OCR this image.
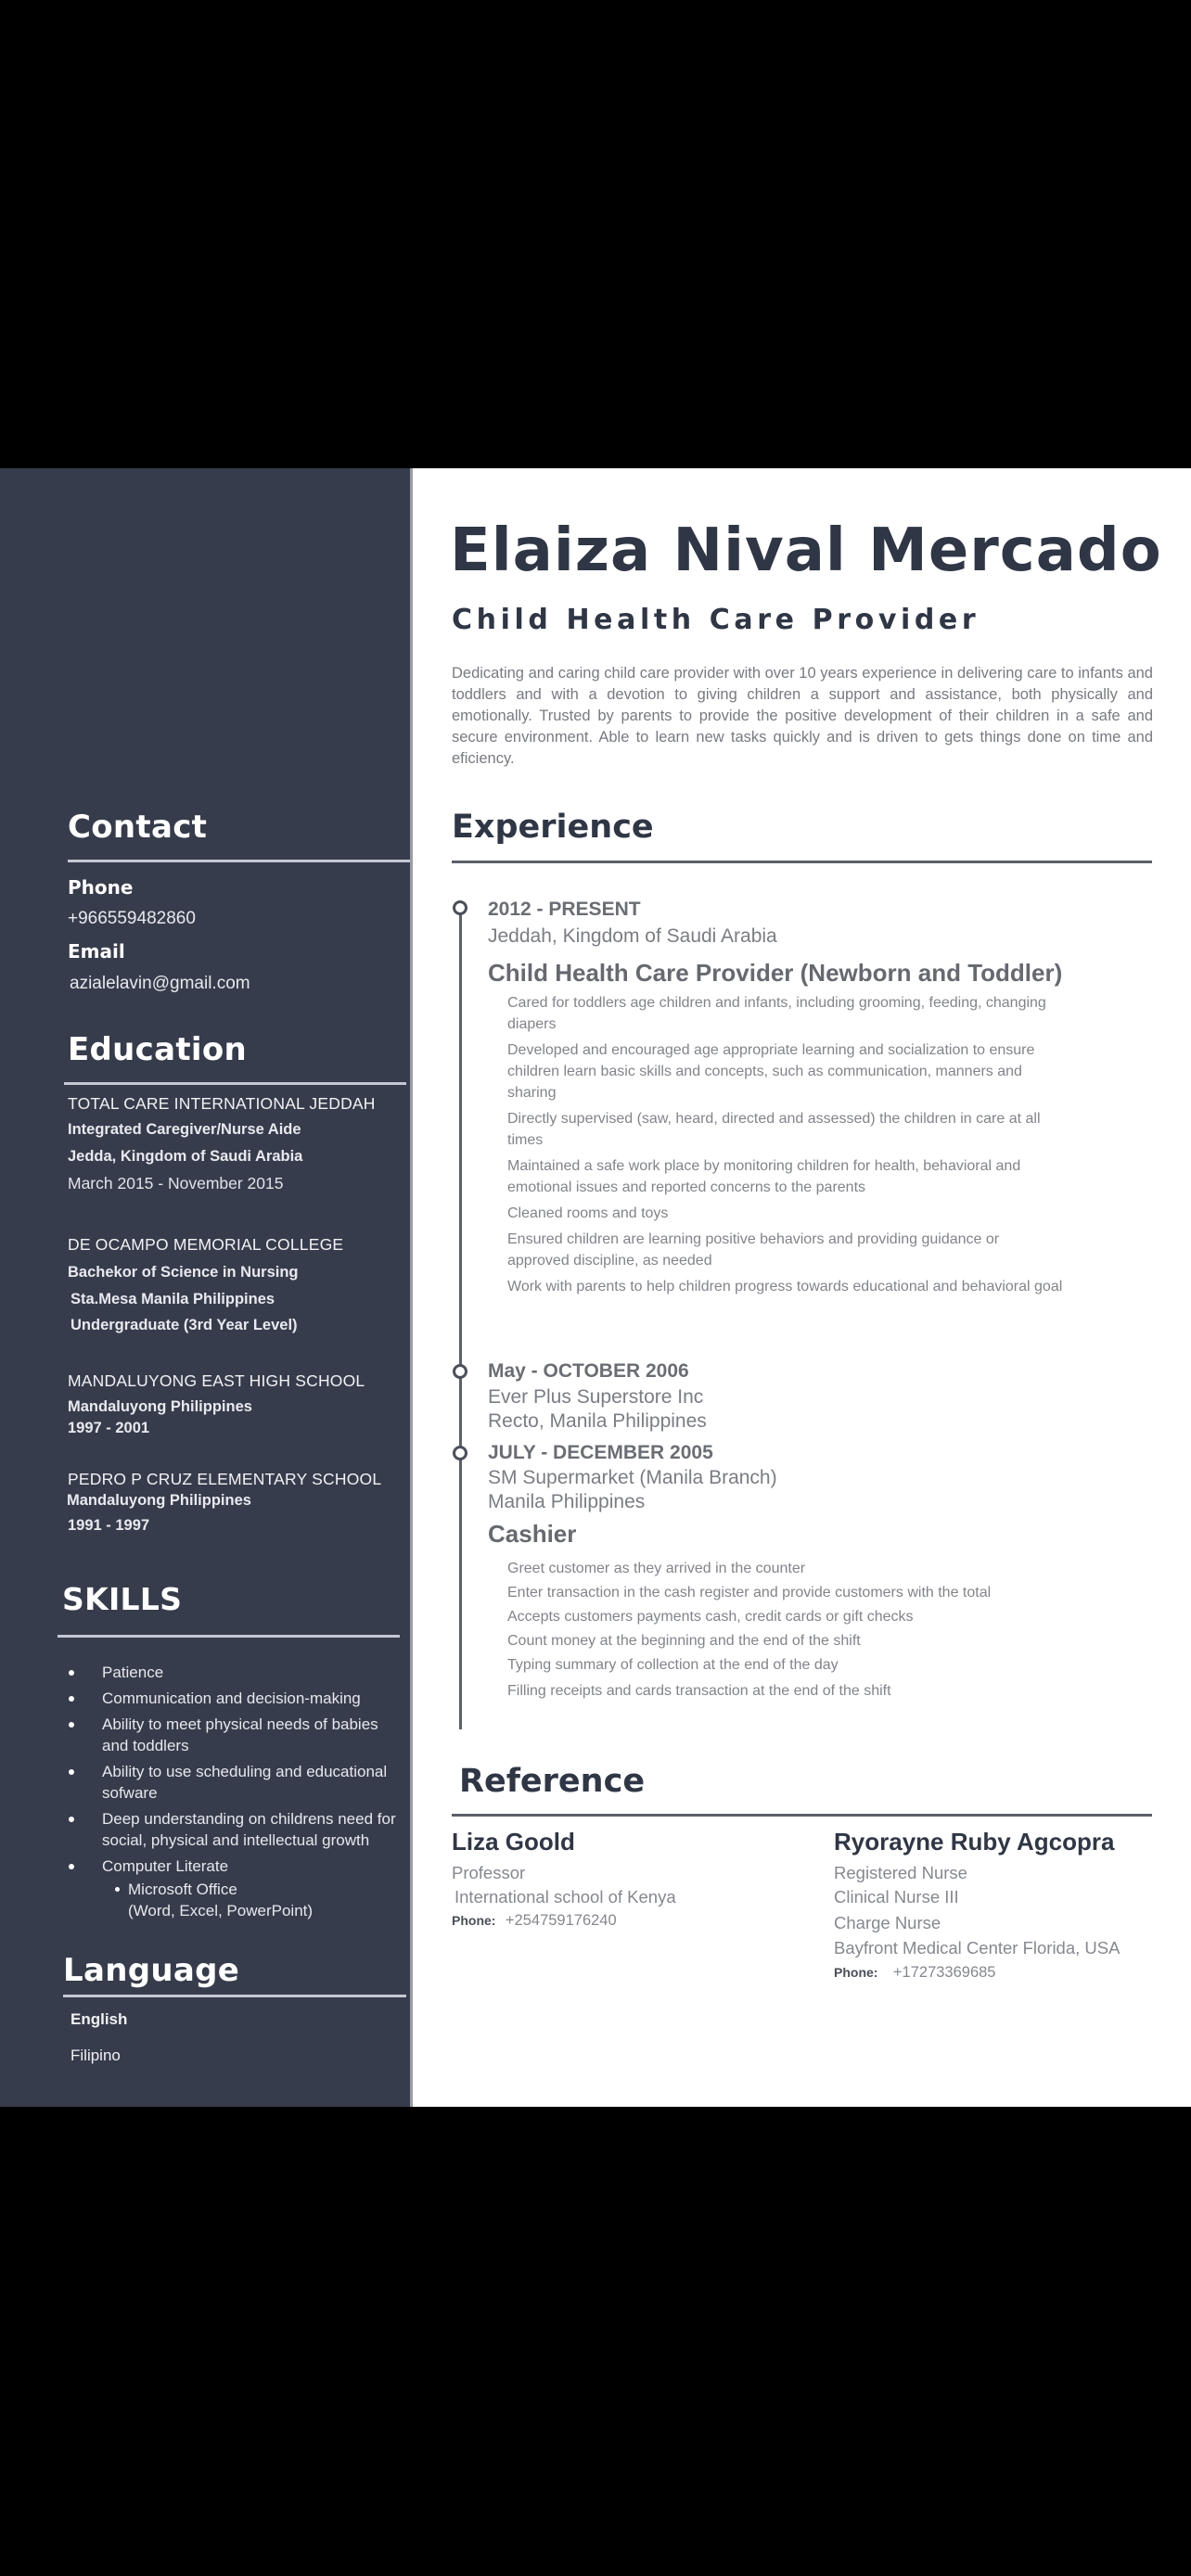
Contact
Phone
+966559482860
Email
azialelavin@gmail.com
Education
TOTAL CARE INTERNATIONAL JEDDAH
Integrated Caregiver/Nurse Aide
Jedda, Kingdom of Saudi Arabia
March 2015 - November 2015
DE OCAMPO MEMORIAL COLLEGE
Bachekor of Science in Nursing
Sta.Mesa Manila Philippines
Undergraduate (3rd Year Level)
MANDALUYONG EAST HIGH SCHOOL
Mandaluyong Philippines
1997 - 2001
PEDRO P CRUZ ELEMENTARY SCHOOL
Mandaluyong Philippines
1991 - 1997
SKILLS
Patience
Communication and decision-making
Ability to meet physical needs of babies and toddlers
Ability to use scheduling and educational sofware
Deep understanding on childrens need for social, physical and intellectual growth
Computer Literate
Microsoft Office
(Word, Excel, PowerPoint)
Language
English
Filipino
Elaiza Nival Mercado
Child Health Care Provider
Dedicating and caring child care provider with over 10 years experience in delivering care to infants and toddlers and with a devotion to giving children a support and assistance, both physically and emotionally. Trusted by parents to provide the positive development of their children in a safe and secure environment. Able to learn new tasks quickly and is driven to gets things done on time and eficiency.
Experience
2012 - PRESENT
Jeddah, Kingdom of Saudi Arabia
Child Health Care Provider (Newborn and Toddler)
Cared for toddlers age children and infants, including grooming, feeding, changing diapers
Developed and encouraged age appropriate learning and socialization to ensure children learn basic skills and concepts, such as communication, manners and sharing
Directly supervised (saw, heard, directed and assessed) the children in care at all times
Maintained a safe work place by monitoring children for health, behavioral and emotional issues and reported concerns to the parents
Cleaned rooms and toys
Ensured children are learning positive behaviors and providing guidance or approved discipline, as needed
Work with parents to help children progress towards educational and behavioral goal
May - OCTOBER 2006
Ever Plus Superstore Inc
Recto, Manila Philippines
JULY - DECEMBER 2005
SM Supermarket (Manila Branch)
Manila Philippines
Cashier
Greet customer as they arrived in the counter
Enter transaction in the cash register and provide customers with the total
Accepts customers payments cash, credit cards or gift checks
Count money at the beginning and the end of the shift
Typing summary of collection at the end of the day
Filling receipts and cards transaction at the end of the shift
Reference
Liza Goold
Professor
International school of Kenya
Phone: +254759176240
Ryorayne Ruby Agcopra
Registered Nurse
Clinical Nurse III
Charge Nurse
Bayfront Medical Center Florida, USA
Phone: +17273369685
